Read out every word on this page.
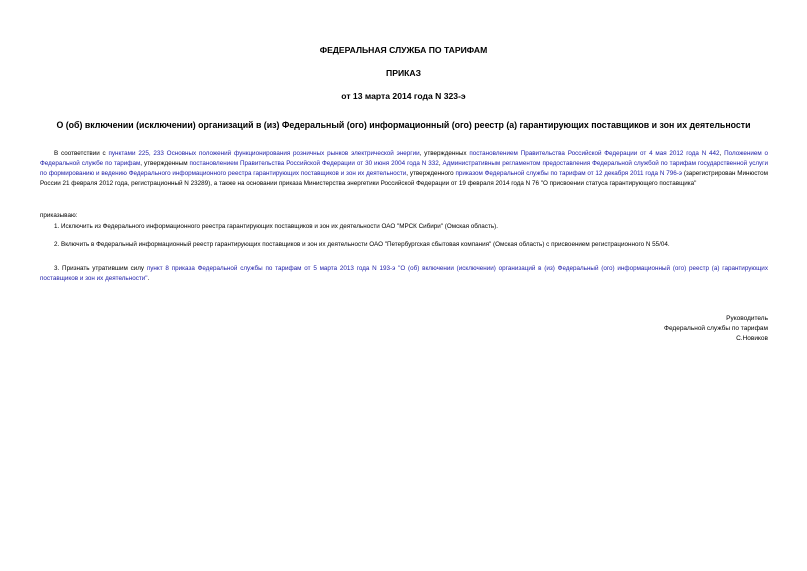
ФЕДЕРАЛЬНАЯ СЛУЖБА ПО ТАРИФАМ
ПРИКАЗ
от 13 марта 2014 года N 323-э
О (об) включении (исключении) организаций в (из) Федеральный (ого) информационный (ого) реестр (а) гарантирующих поставщиков и зон их деятельности
В соответствии с пунктами 225, 233 Основных положений функционирования розничных рынков электрической энергии, утвержденных постановлением Правительства Российской Федерации от 4 мая 2012 года N 442, Положением о Федеральной службе по тарифам, утвержденным постановлением Правительства Российской Федерации от 30 июня 2004 года N 332, Административным регламентом предоставления Федеральной службой по тарифам государственной услуги по формированию и ведению Федерального информационного реестра гарантирующих поставщиков и зон их деятельности, утвержденного приказом Федеральной службы по тарифам от 12 декабря 2011 года N 796-э (зарегистрирован Минюстом России 21 февраля 2012 года, регистрационный N 23289), а также на основании приказа Министерства энергетики Российской Федерации от 19 февраля 2014 года N 76 "О присвоении статуса гарантирующего поставщика"
приказываю:
1. Исключить из Федерального информационного реестра гарантирующих поставщиков и зон их деятельности ОАО "МРСК Сибири" (Омская область).
2. Включить в Федеральный информационный реестр гарантирующих поставщиков и зон их деятельности ОАО "Петербургская сбытовая компания" (Омская область) с присвоением регистрационного N 55/04.
3. Признать утратившим силу пункт 8 приказа Федеральной службы по тарифам от 5 марта 2013 года N 193-э "О (об) включении (исключении) организаций в (из) Федеральный (ого) информационный (ого) реестр (а) гарантирующих поставщиков и зон их деятельности".
Руководитель
Федеральной службы по тарифам
С.Новиков
